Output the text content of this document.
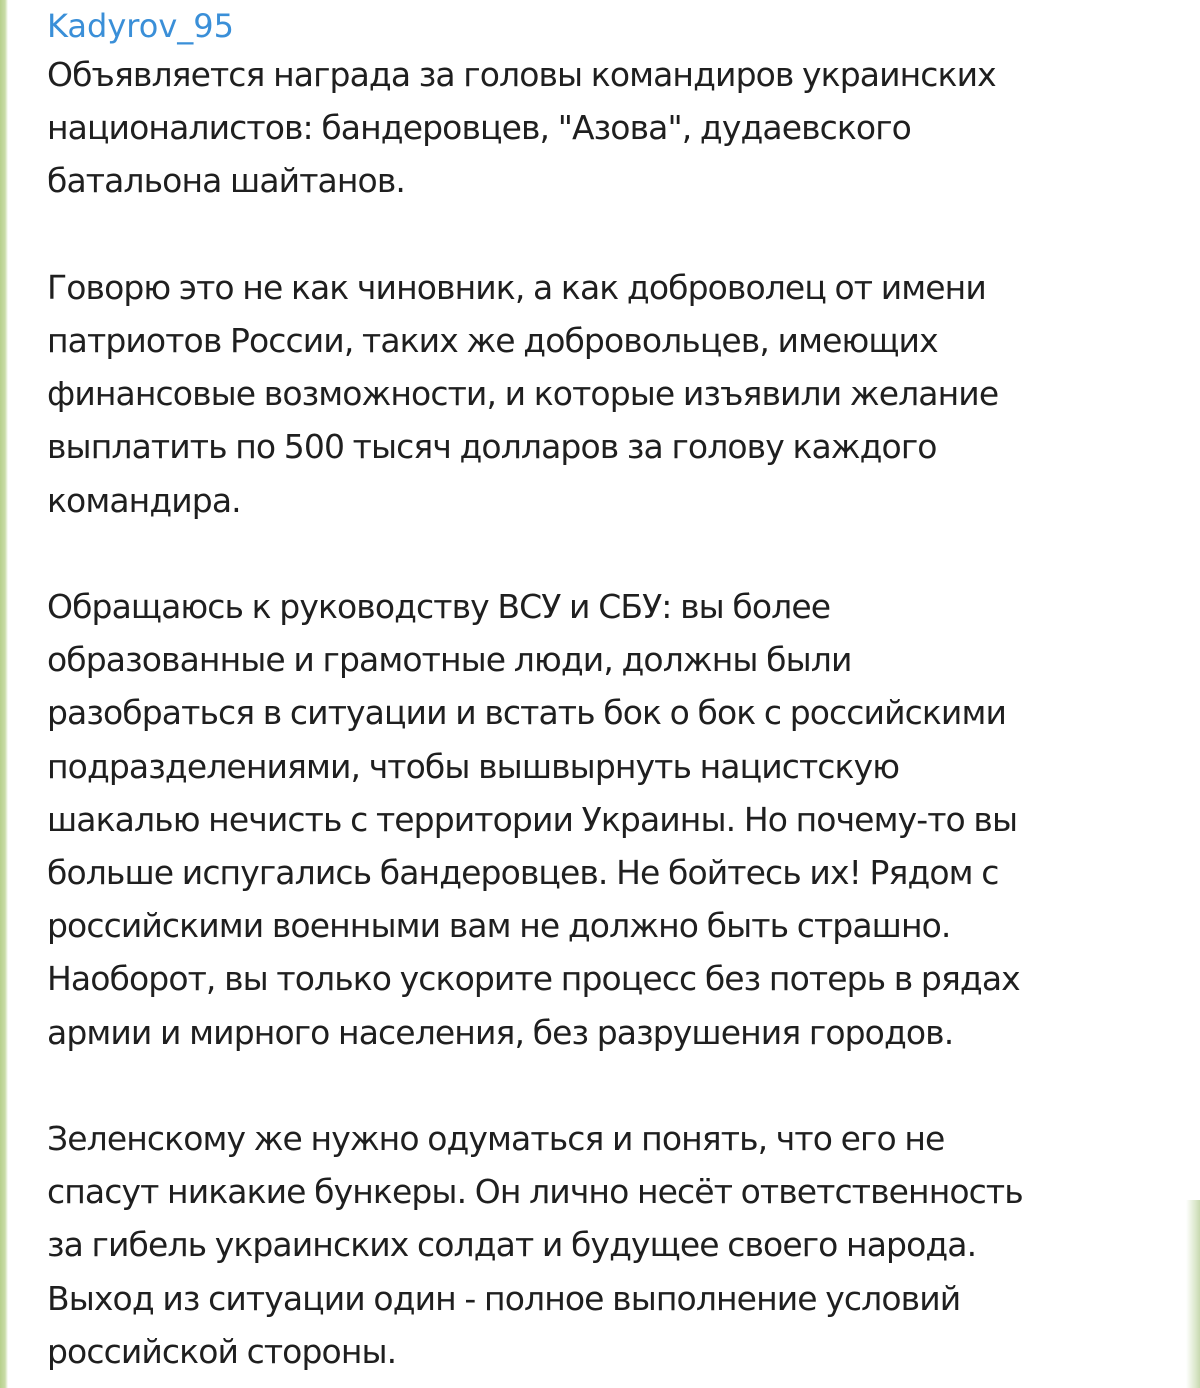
Kadyrov_95
Объявляется награда за головы командиров украинских
националистов: бандеровцев, "Азова", дудаевского
батальона шайтанов.
Говорю это не как чиновник, а как доброволец от имени
патриотов России, таких же добровольцев, имеющих
финансовые возможности, и которые изъявили желание
выплатить по 500 тысяч долларов за голову каждого
командира.
Обращаюсь к руководству ВСУ и СБУ: вы более
образованные и грамотные люди, должны были
разобраться в ситуации и встать бок о бок с российскими
подразделениями, чтобы вышвырнуть нацистскую
шакалью нечисть с территории Украины. Но почему-то вы
больше испугались бандеровцев. Не бойтесь их! Рядом с
российскими военными вам не должно быть страшно.
Наоборот, вы только ускорите процесс без потерь в рядах
армии и мирного населения, без разрушения городов.
Зеленскому же нужно одуматься и понять, что его не
спасут никакие бункеры. Он лично несёт ответственность
за гибель украинских солдат и будущее своего народа.
Выход из ситуации один - полное выполнение условий
российской стороны.
